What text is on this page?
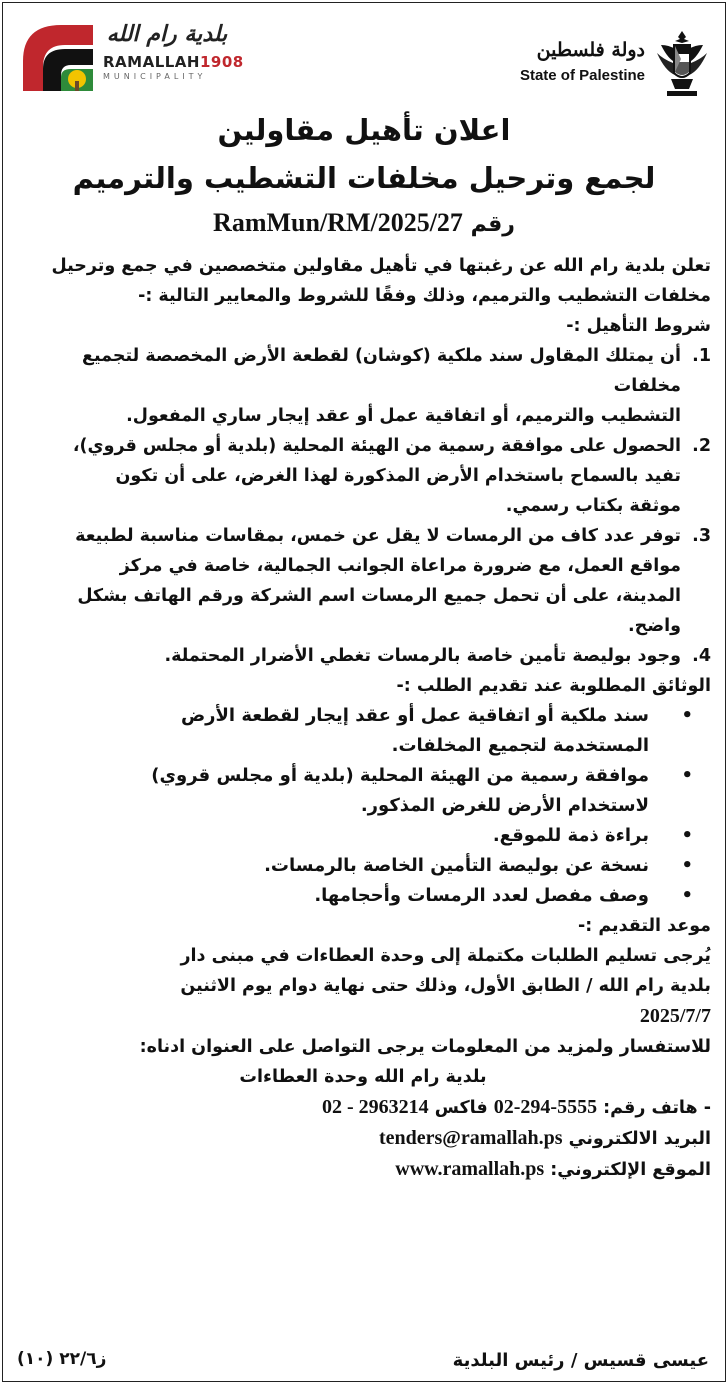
بلدية رام الله
RAMALLAH1908
MUNICIPALITY
دولة فلسطين
State of Palestine
اعلان تأهيل مقاولين
لجمع وترحيل مخلفات التشطيب والترميم
رقم RamMun/RM/2025/27

تعلن بلدية رام الله عن رغبتها في تأهيل مقاولين متخصصين في جمع وترحيل

مخلفات التشطيب والترميم، وذلك وفقًا للشروط والمعايير التالية :-

شروط التأهيل :-

1.
أن يمتلك المقاول سند ملكية (كوشان) لقطعة الأرض المخصصة لتجميع مخلفات
التشطيب والترميم، أو اتفاقية عمل أو عقد إيجار ساري المفعول.
2.
الحصول على موافقة رسمية من الهيئة المحلية (بلدية أو مجلس قروي)،
تفيد بالسماح باستخدام الأرض المذكورة لهذا الغرض، على أن تكون
موثقة بكتاب رسمي.
3.
توفر عدد كاف من الرمسات لا يقل عن خمس، بمقاسات مناسبة لطبيعة
مواقع العمل، مع ضرورة مراعاة الجوانب الجمالية، خاصة في مركز
المدينة، على أن تحمل جميع الرمسات اسم الشركة ورقم الهاتف بشكل
واضح.
4.
وجود بوليصة تأمين خاصة بالرمسات تغطي الأضرار المحتملة.

الوثائق المطلوبة عند تقديم الطلب :-

•
سند ملكية أو اتفاقية عمل أو عقد إيجار لقطعة الأرض
المستخدمة لتجميع المخلفات.
•
موافقة رسمية من الهيئة المحلية (بلدية أو مجلس قروي)
لاستخدام الأرض للغرض المذكور.
•
براءة ذمة للموقع.
•
نسخة عن بوليصة التأمين الخاصة بالرمسات.
•
وصف مفصل لعدد الرمسات وأحجامها.

موعد التقديم :-

يُرجى تسليم الطلبات مكتملة إلى وحدة العطاءات في مبنى دار

بلدية رام الله / الطابق الأول، وذلك حتى نهاية دوام يوم الاثنين

2025/7/7

للاستفسار ولمزيد من المعلومات يرجى التواصل على العنوان ادناه:

بلدية رام الله وحدة العطاءات

- هاتف رقم: 02-294-5555 فاكس 02 - 2963214

البريد الالكتروني tenders@ramallah.ps

الموقع الإلكتروني: www.ramallah.ps

عيسى قسيس / رئيس البلدية
ز٢٢/٦ (١٠)
